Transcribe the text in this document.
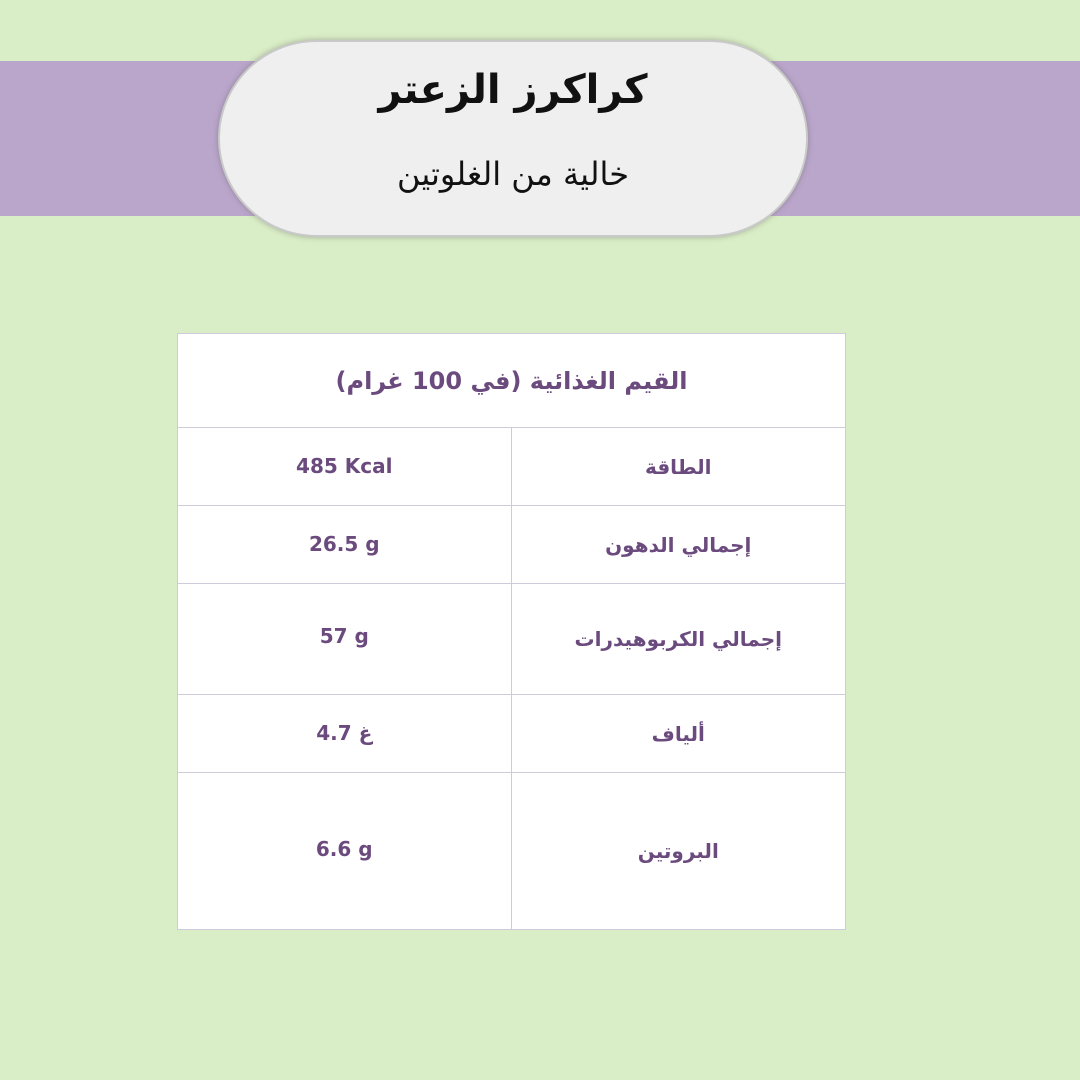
كراكرز الزعتر
خالية من الغلوتين
القيم الغذائية (في 100 غرام)
485 Kcal	الطاقة
26.5 g	إجمالي الدهون
57 g	إجمالي الكربوهيدرات
4.7 غ	ألياف
6.6 g	البروتين
